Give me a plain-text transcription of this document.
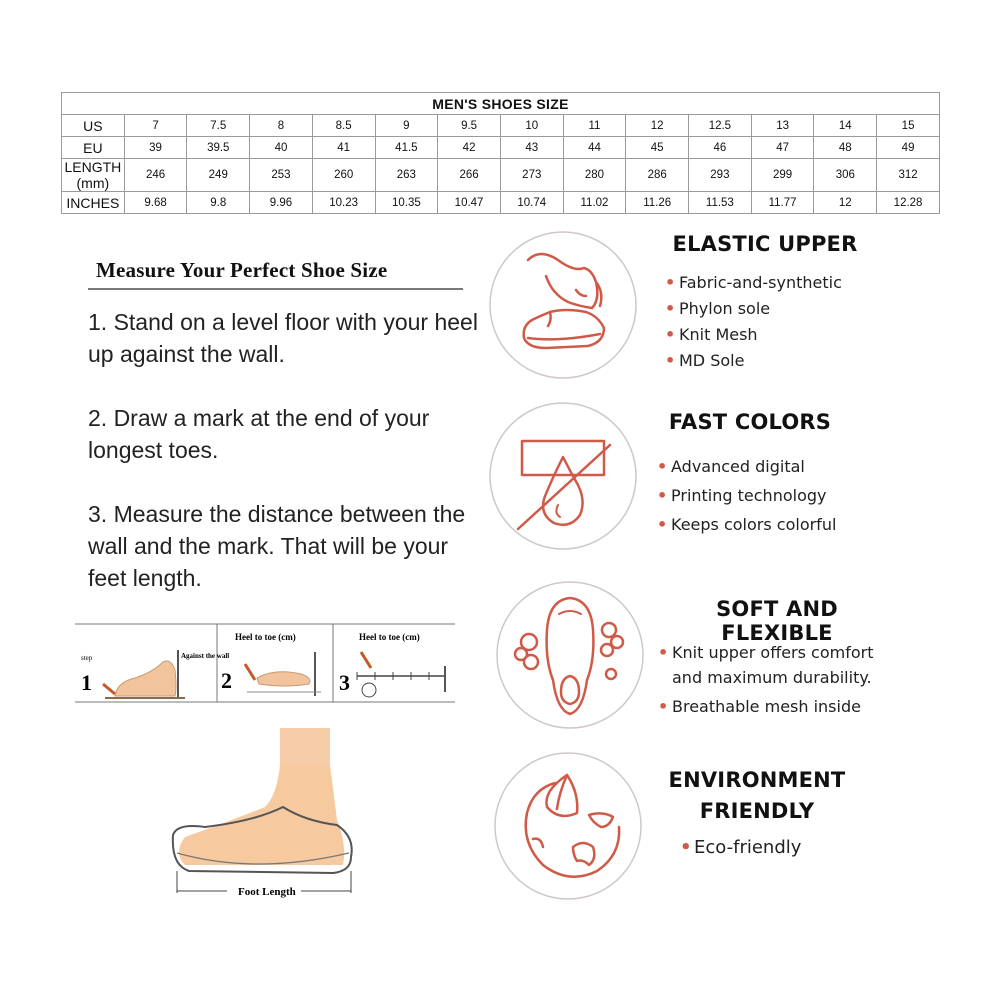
MEN'S SHOES SIZE													
US	7	7.5	8	8.5	9	9.5	10	11	12	12.5	13	14	15
EU	39	39.5	40	41	41.5	42	43	44	45	46	47	48	49
LENGTH (mm)	246	249	253	260	263	266	273	280	286	293	299	306	312
INCHES	9.68	9.8	9.96	10.23	10.35	10.47	10.74	11.02	11.26	11.53	11.77	12	12.28
Measure Your Perfect Shoe Size
1. Stand on a level floor with your heel up against the wall.
2. Draw a mark at the end of your longest toes.
3. Measure the distance between the wall and the mark. That will be your feet length.
step
1
Against the wall
Heel to toe (cm)
2
Heel to toe (cm)
3
Foot Length
ELASTIC UPPER
• Fabric-and-synthetic
• Phylon sole
• Knit Mesh
• MD Sole
FAST COLORS
• Advanced digital
• Printing technology
• Keeps colors colorful
SOFT AND FLEXIBLE
• Knit upper offers comfort and maximum durability.
• Breathable mesh inside
ENVIRONMENT
FRIENDLY
• Eco-friendly
